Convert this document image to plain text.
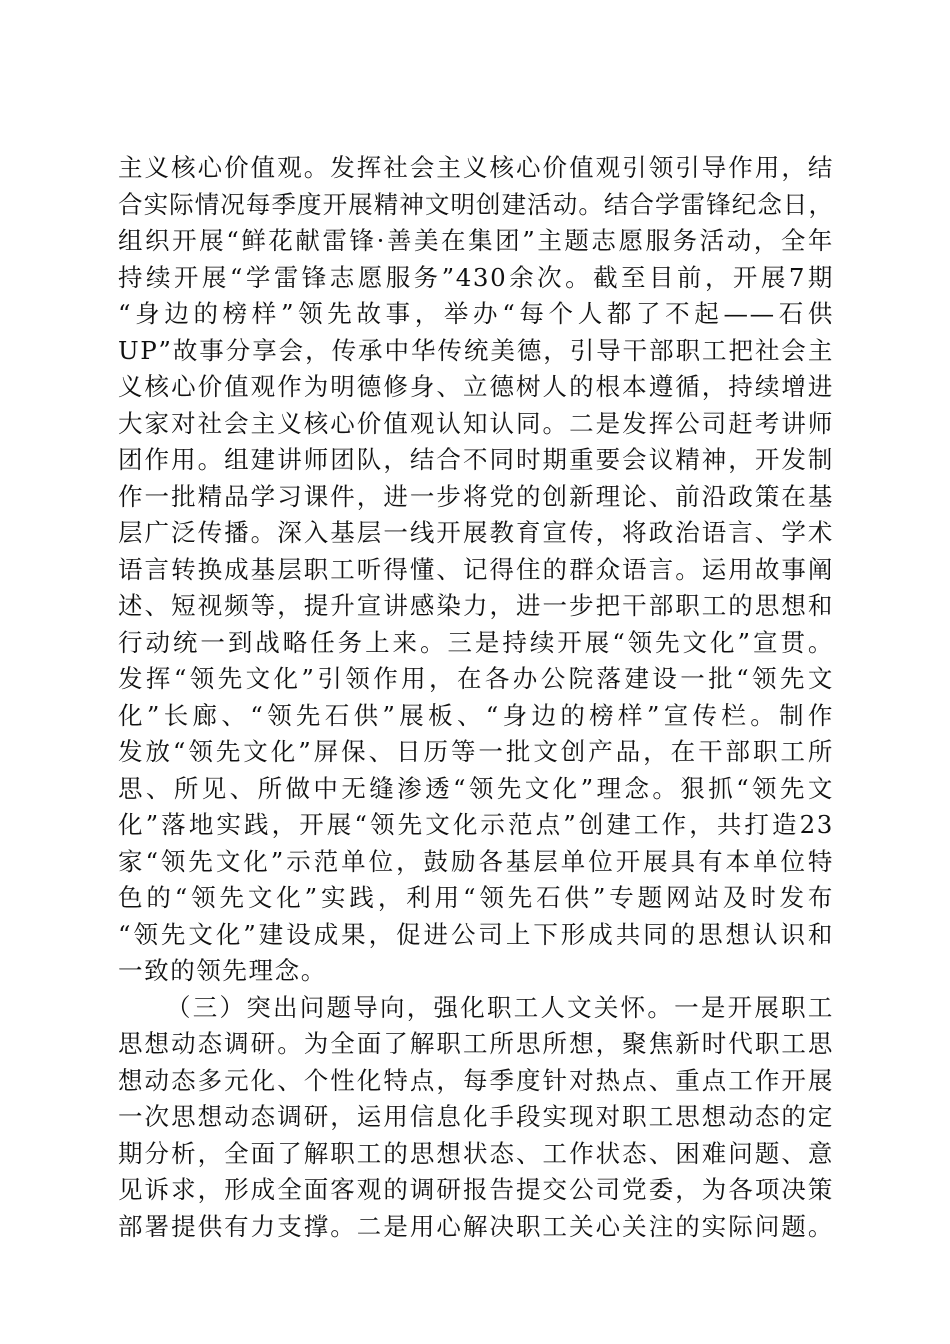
主义核心价值观。发挥社会主义核心价值观引领引导作用，结
合实际情况每季度开展精神文明创建活动。结合学雷锋纪念日，
组织开展“鲜花献雷锋·善美在集团”主题志愿服务活动，全年
持续开展“学雷锋志愿服务”430余次。截至目前，开展7期
“身边的榜样”领先故事，举办“每个人都了不起——石供
UP”故事分享会，传承中华传统美德，引导干部职工把社会主
义核心价值观作为明德修身、立德树人的根本遵循，持续增进
大家对社会主义核心价值观认知认同。二是发挥公司赶考讲师
团作用。组建讲师团队，结合不同时期重要会议精神，开发制
作一批精品学习课件，进一步将党的创新理论、前沿政策在基
层广泛传播。深入基层一线开展教育宣传，将政治语言、学术
语言转换成基层职工听得懂、记得住的群众语言。运用故事阐
述、短视频等，提升宣讲感染力，进一步把干部职工的思想和
行动统一到战略任务上来。三是持续开展“领先文化”宣贯。
发挥“领先文化”引领作用，在各办公院落建设一批“领先文
化”长廊、“领先石供”展板、“身边的榜样”宣传栏。制作
发放“领先文化”屏保、日历等一批文创产品，在干部职工所
思、所见、所做中无缝渗透“领先文化”理念。狠抓“领先文
化”落地实践，开展“领先文化示范点”创建工作，共打造23
家“领先文化”示范单位，鼓励各基层单位开展具有本单位特
色的“领先文化”实践，利用“领先石供”专题网站及时发布
“领先文化”建设成果，促进公司上下形成共同的思想认识和
一致的领先理念。
（三）突出问题导向，强化职工人文关怀。一是开展职工
思想动态调研。为全面了解职工所思所想，聚焦新时代职工思
想动态多元化、个性化特点，每季度针对热点、重点工作开展
一次思想动态调研，运用信息化手段实现对职工思想动态的定
期分析，全面了解职工的思想状态、工作状态、困难问题、意
见诉求，形成全面客观的调研报告提交公司党委，为各项决策
部署提供有力支撑。二是用心解决职工关心关注的实际问题。
